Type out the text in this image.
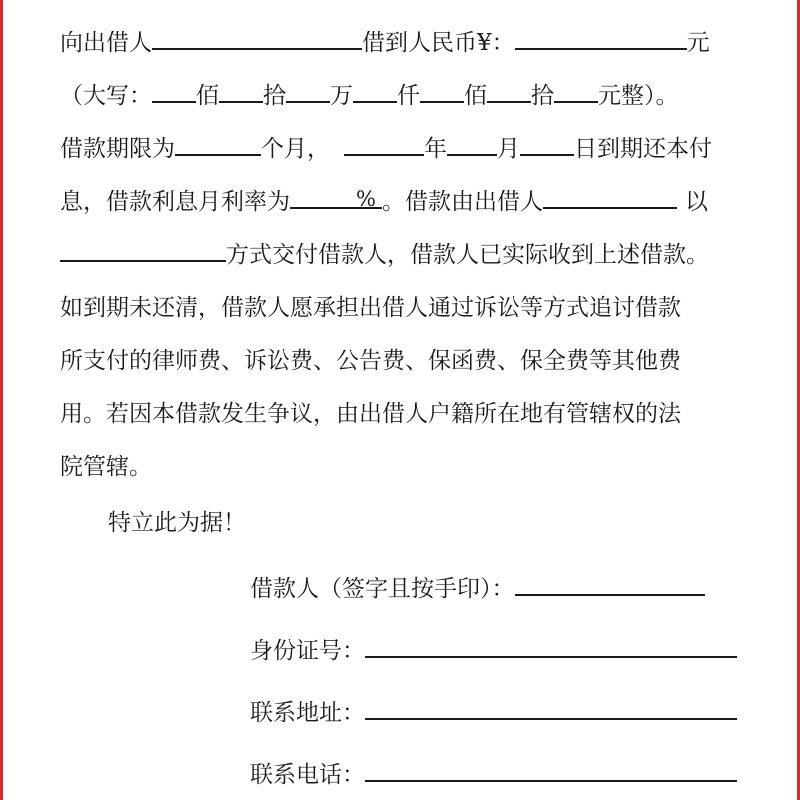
向出借人	借到人民币¥：	元
（大写： 佰 拾 万 仟 佰 拾 元整）。
借款期限为	个月，	年 月 日到期还本付
息，借款利息月利率为	% 。借款由出借人	以
方式交付借款人，借款人已实际收到上述借款。
如到期未还清，借款人愿承担出借人通过诉讼等方式追讨借款
所支付的律师费、诉讼费、公告费、保函费、保全费等其他费
用。若因本借款发生争议，由出借人户籍所在地有管辖权的法
院管辖。
特立此为据！
借款人（签字且按手印）：
身份证号：
联系地址：
联系电话：
